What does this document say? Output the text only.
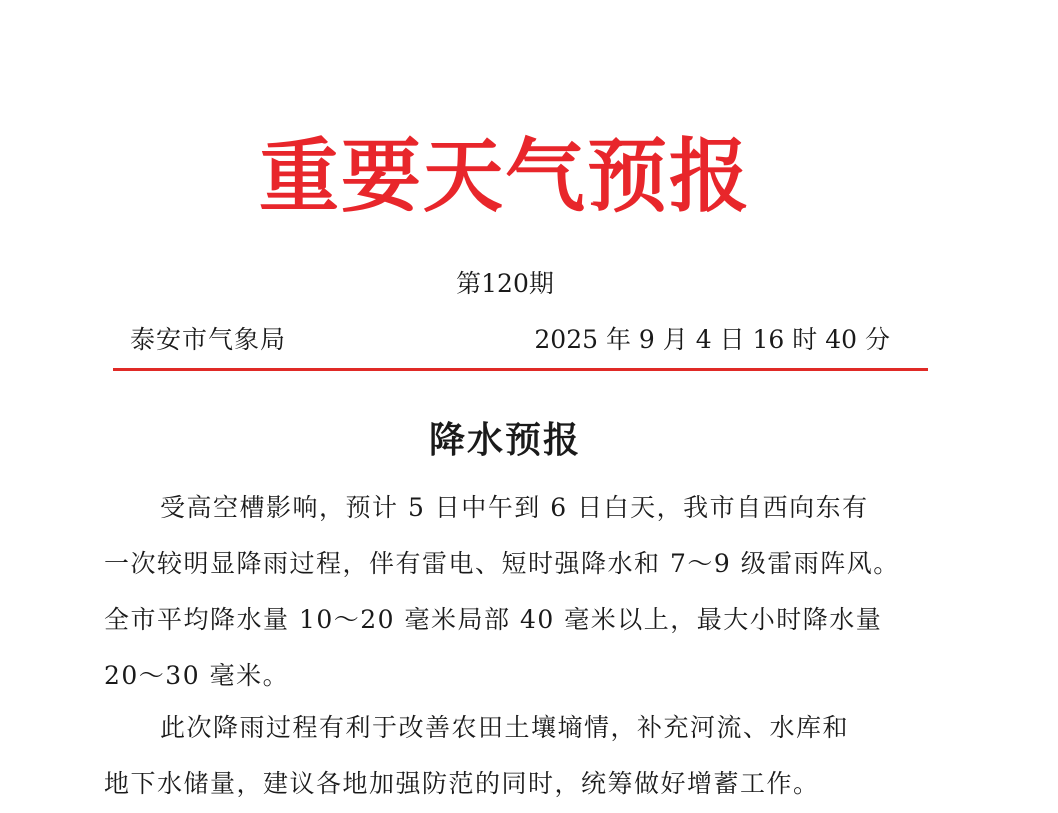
重要天气预报
第120期
泰安市气象局	2025 年 9 月 4 日 16 时 40 分
降水预报
受高空槽影响，预计 5 日中午到 6 日白天，我市自西向东有
一次较明显降雨过程，伴有雷电、短时强降水和 7～9 级雷雨阵风。
全市平均降水量 10～20 毫米局部 40 毫米以上，最大小时降水量
20～30 毫米。
此次降雨过程有利于改善农田土壤墒情，补充河流、水库和
地下水储量，建议各地加强防范的同时，统筹做好增蓄工作。
